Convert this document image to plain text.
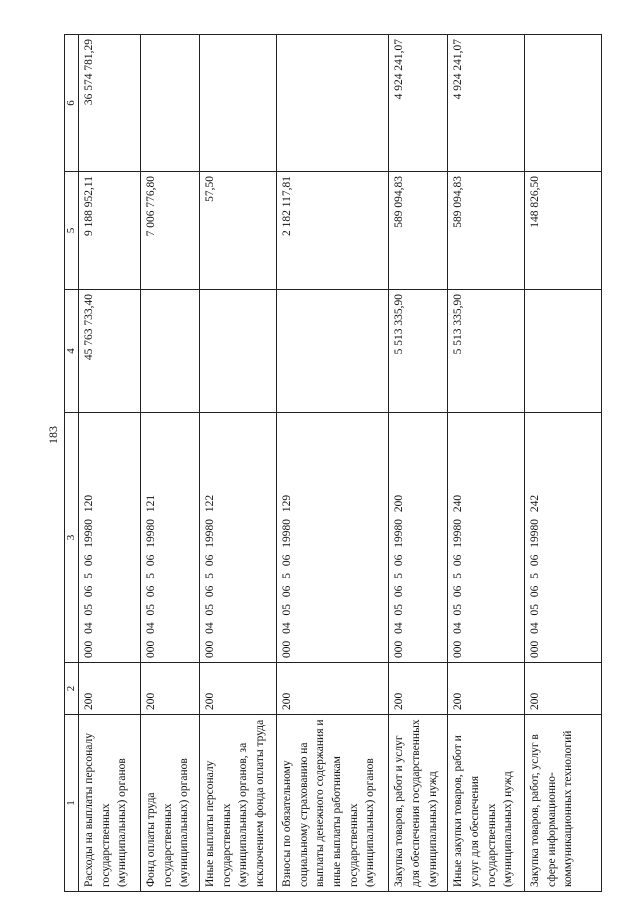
183
1	2	3	4	5	6
Расходы на выплаты персоналу государственных (муниципальных) органов	200	000 04 05 06 5 06 19980 120	45 763 733,40	9 188 952,11	36 574 781,29
Фонд оплаты труда государственных (муниципальных) органов	200	000 04 05 06 5 06 19980 121		7 006 776,80	
Иные выплаты персоналу государственных (муниципальных) органов, за исключением фонда оплаты труда	200	000 04 05 06 5 06 19980 122		57,50	
Взносы по обязательному социальному страхованию на выплаты денежного содержания и иные выплаты работникам государственных (муниципальных) органов	200	000 04 05 06 5 06 19980 129		2 182 117,81	
Закупка товаров, работ и услуг для обеспечения государственных (муниципальных) нужд	200	000 04 05 06 5 06 19980 200	5 513 335,90	589 094,83	4 924 241,07
Иные закупки товаров, работ и услуг для обеспечения государственных (муниципальных) нужд	200	000 04 05 06 5 06 19980 240	5 513 335,90	589 094,83	4 924 241,07
Закупка товаров, работ, услуг в сфере информационно-коммуникационных технологий	200	000 04 05 06 5 06 19980 242		148 826,50	
